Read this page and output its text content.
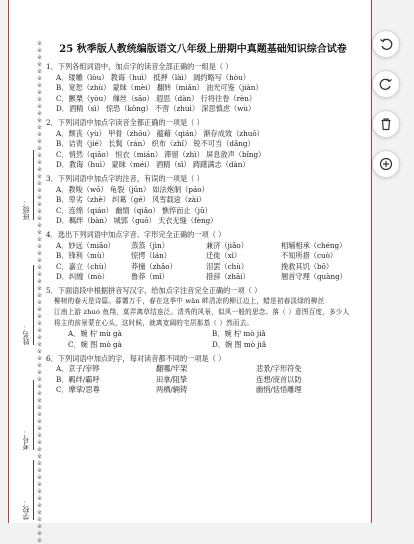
※※※※※※※※※※※※※※※※※※※※※※※※※※※※※※※※※※※※※※※※※※※※※※※※※※※※※※※※※※※※※※※※※※※※※※※※
班级：
姓名：
考号：
学校：
25 秋季版人教统编版语文八年级上册期中真题基础知识综合试卷

1．下列各组词语中，加点字的读音全部正确的一组是（ ）

A．镂雕（lòu） 教诲（huì） 抵押（lài） 阔约略写（hòu）
B．宽恕（zhù） 蒙昧（mèi） 翻转（miǎn） 油光可鉴（jiàn）
C．颤栗（yòu） 缫丝（sāo） 遐思（dàn） 行将往卷（rèn）
D．酒精（sì） 惊恐（kǒng） 不啻（zhuì） 深思慎虑（wù）

2．下列词语中加点字读音全都正确的一项是（ ）

A．颓丧（yù） 甲骨（zhōu） 蕴藉（qián） 渐存成效（zhuō）
B．诘责（jié） 长髯（rán） 织布（zhǐ） 锐不可当（dǎng）
C．悄然（qiǎo） 恒衣（mián） 滞留（zhì） 屏息敛声（bǐng）
D．教诲（huì） 蒙昧（méi） 酒精（sì） 踌躇满志（dàn）

3．下列词语中加点字的注音，有误的一项是（ ）

A．教唆（wō） 龟裂（jūn） 如法炮制（páo）
B．卑劣（zhè） 纠葛（gé） 风雪载途（zài）
C．连绵（qiáo） 幽情（qiǎo） 憔悴而止（jū）
D．羁绊（bàn） 城郭（guō） 天衣无缝（fèng）

4．选出下列词语中加点字音、字形完全正确的一项（ ）

A．妙远（miǎo）	蒸蒸（jìn）	兼济（jiǎo）	相辅相承（chéng）
B．锋利（mù）	惊愕（lán）	迁徙（xì）	不知所措（cuò）
C．嘉立（chù）	莽撞（zhǎo）	泪罢（chù）	挽救其饥（bō）
D．纠缠（mò）	鲁莽（mǐ）	措辞（zhāi）	翘首守理（quàng）

5．下面语段中根据拼音写汉字、给加点字注音完全正确的一项（ ）

柳树的春天是诗篇。暮霭万千，春在这季中 wǎn 畔清凉的柳江边上，蜡是初春淡绿的柳丝
江南上游 zhuó 鱼翔，莫弄离草结连泛。清秀的风景，似风一般的思念。落（ ）意图百度，多少人
将主的前景蒙在心头，这时候，就离宽阔的宅居那基（ ）然而去。
A．婉 柠 mù gà	B．婉 柠 mò jiǎ
C．婉 图 mò gà	D．婉 图 mò jiǎ

6．下列词语中加点的字，每对读音都不同的一项是（ ）

A．京子/宰铧	翻哪/牢架	悲景/字形符免
B．羁绊/霸呼	田拿/阻挚	连想/庞首以防
C．摩挲/思尊	两栖/辆铸	幽悄/恬悟雕理
